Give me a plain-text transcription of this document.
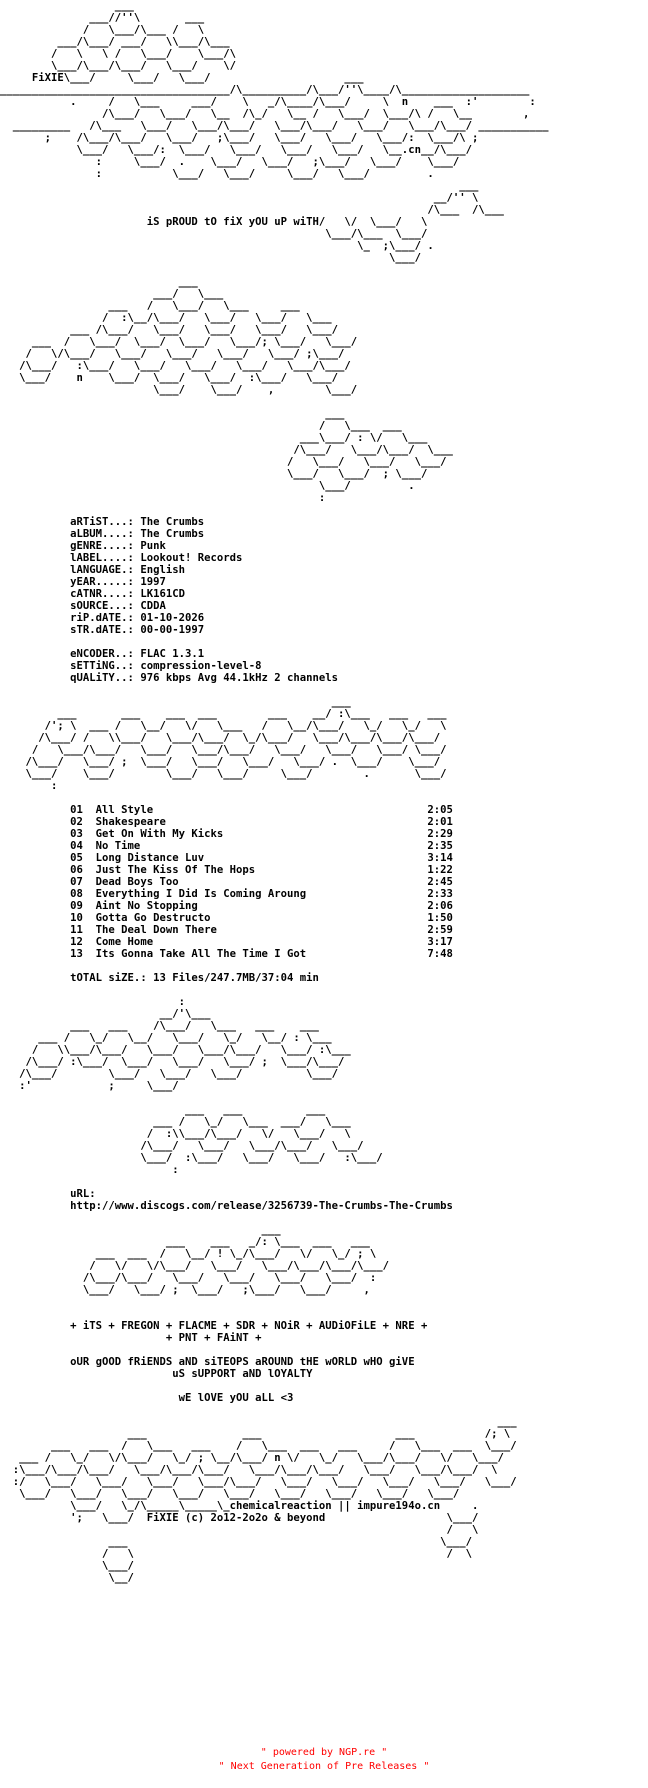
___
___//''\       ___
/   \___/\___ /   \
___/\___/ ___/   \\___/\___
/   \   \ /   \___/    \___/\
\___/\___/\___/   \___/    \/
FiXIE\___/     \___/   \___/                     ___
____________________________________/\__________/\___/''\____/\____________________
.     /   \___     ___/    \   _/\____/\___/     \  n    ___  :'        :
/\___/   \___/   \__  /\_/   \__ /   \___/  \___/\ /   \__        ,
_________   /\___   \___/   \___/\___/   \___/\___/   \___/   \___/\___/ ___________
;    /\___/\___/   \___/   ;\___/   \___/   \___/   \___/:  \___/\ ;
\___/   \___/:  \___/   \___/   \___/   \___/   \__.cn__/\___/
:     \___/  .    \___/   \___/   ;\___/   \___/    \___/
:           \___/   \___/     \___/   \___/         .
___
__/'' \
/\___  /\___
iS pROUD tO fiX yOU uP wiTH/   \/  \___/   \
\___/\___  \___/
\_  ;\___/ .
\___/

___
___/   \___
___   /   \___/   \___     ___
/  :\__/\___/   \___/   \___/   \___
___ /\___/   \___/   \___/   \___/   \___/
___  /   \___/  \___/  \___/   \___/; \___/   \___/
/   \/\___/   \___/   \___/   \___/   \___/ ;\___/
/\___/   :\___/   \___/   \___/   \___/   \___/\___/
\___/    n    \___/  \___/   \___/  :\___/   \___/
\___/    \___/    ,        \___/

___
/   \___  ___
___\___/ : \/   \___
/\___/   \___/\___/  \___
/   \___/   \___/   \___/
\___/   \___/  ; \___/
\___/         .
:

aRTiST...: The Crumbs
aLBUM....: The Crumbs
gENRE....: Punk
lABEL....: Lookout! Records
lANGUAGE.: English
yEAR.....: 1997
cATNR....: LK161CD
sOURCE...: CDDA
riP.dATE.: 01-10-2026
sTR.dATE.: 00-00-1997

eNCODER..: FLAC 1.3.1
sETTiNG..: compression-level-8
qUALiTY..: 976 kbps Avg 44.1kHz 2 channels

___
___       ___    ___  ___        ___    __/ :\___   ___   ___
/'; \  ___ /   \__/   \/   \___   /   \__/\___/   \_/   \_/   \
/\___/ /   \\___/   \___/\___/  \_/\___/   \___/\___/\___/\___/
/   \___/\___/   \___/   \___/\___/   \___/   \___/   \___/ \___/
/\___/   \___/ ;  \___/   \___/   \___/   \___/ .  \___/    \___/
\___/    \___/        \___/   \___/     \___/        .       \___/
:

01  All Style                                           2:05
02  Shakespeare                                         2:01
03  Get On With My Kicks                                2:29
04  No Time                                             2:35
05  Long Distance Luv                                   3:14
06  Just The Kiss Of The Hops                           1:22
07  Dead Boys Too                                       2:45
08  Everything I Did Is Coming Aroung                   2:33
09  Aint No Stopping                                    2:06
10  Gotta Go Destructo                                  1:50
11  The Deal Down There                                 2:59
12  Come Home                                           3:17
13  Its Gonna Take All The Time I Got                   7:48

tOTAL siZE.: 13 Files/247.7MB/37:04 min

:
__/'\___
___   ___    /\___/   \___   ___    ___
___ /   \_/   \__/   \___/   \_/   \__/ : \___
/   \\___/\___/   \___/   \___/\___/   \___/ :\___
/\___/ :\___/  \___/   \___/   \___/ ;  \___/\___/
/\___/        \___/   \___/   \___/          \___/
:'            ;     \___/

___   ___          ___
___ /   \_/   \___  ___/   \___
/  :\\___/\___/   \/   \___/   \
/\___/   \___/   \___/\___/   \___/
\___/  :\___/   \___/   \___/   :\___/
:

uRL:
http://www.discogs.com/release/3256739-The-Crumbs-The-Crumbs

___
___    ___   _/: \___  ___   ___
___  ___  /   \__/ ! \_/\___/   \/   \_/ ; \
/   \/   \/\___/   \___/   \___/\___/\___/\___/
/\___/\___/   \___/   \___/   \___/   \___/  :
\___/   \___/ ;  \___/   ;\___/   \___/     ,

+ iTS + FREGON + FLACME + SDR + NOiR + AUDiOFiLE + NRE +
+ PNT + FAiNT +

oUR gOOD fRiENDS aND siTEOPS aROUND tHE wORLD wHO giVE
uS sUPPORT aND lOYALTY

wE lOVE yOU aLL <3

___
___               ___                     ___           /; \
___   ___  /   \___   ___    /   \___  ___   ___     /   \___  ___  \___/
___ /   \_/   \/\___/   \_/ ; \__/\___/ n \/   \_/   \___/\___/   \/   \___/
:\___/\___/\___/   \___/\___/\___/   \___/\___/\___/   \___/   \___/\___/  \
:/   \___/   \___/   \___/   \___/\___/   \___/   \___/   \___/   \___/   \___/
\___/   \___/   \___/   \___/   \___/   \___/   \___/   \___/   \___/
\___/   \_/\_____\_____\_chemicalreaction || impure194o.cn     .
';   \___/  FiXIE (c) 2o12-2o2o & beyond                   \___/
/   \
___                                                 \___/
/   \                                                 /  \
\___/
\__/
" powered by NGP.re "
" Next Generation of Pre Releases "
